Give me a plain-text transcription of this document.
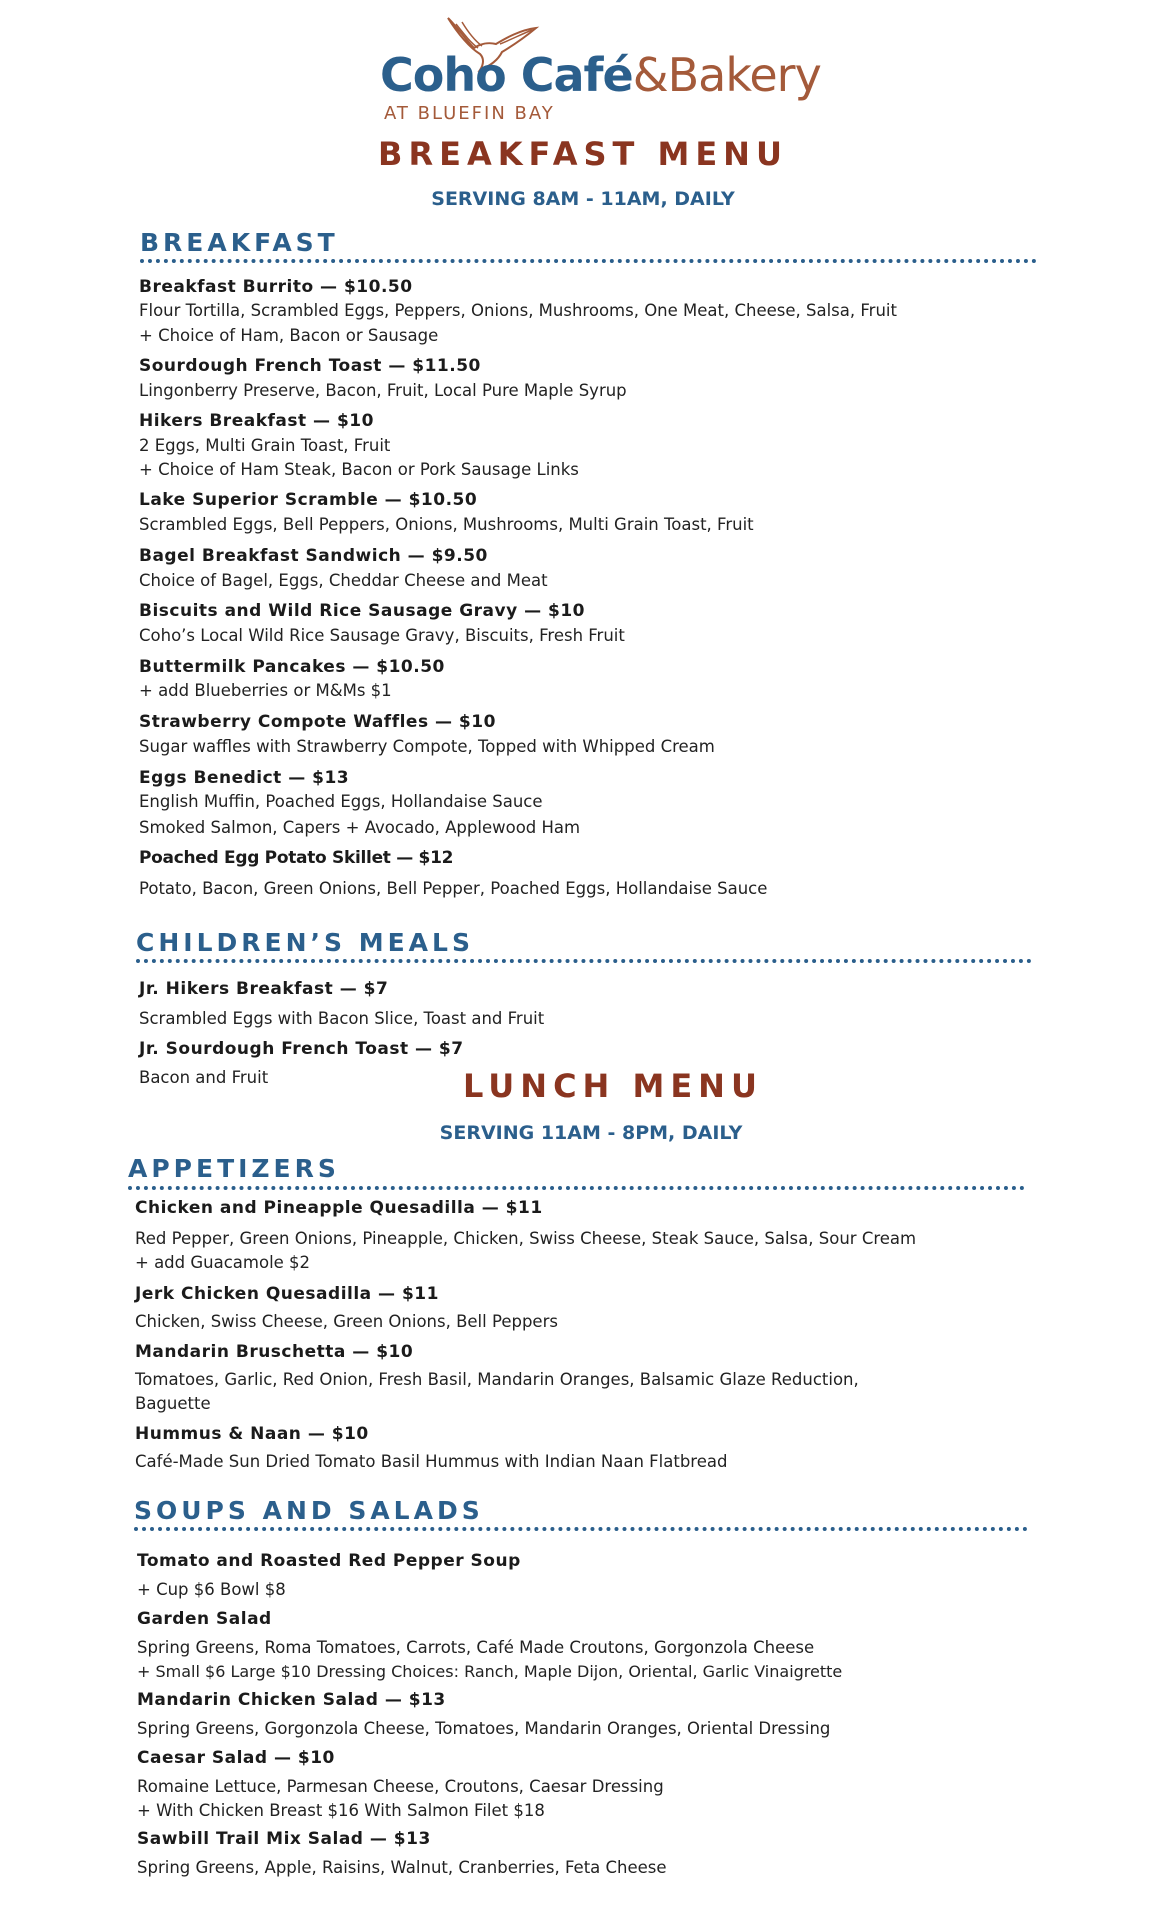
Coho Café&Bakery
AT BLUEFIN BAY
BREAKFAST MENU
SERVING 8AM - 11AM, DAILY
BREAKFAST
Breakfast Burrito — $10.50
Flour Tortilla, Scrambled Eggs, Peppers, Onions, Mushrooms, One Meat, Cheese, Salsa, Fruit
+ Choice of Ham, Bacon or Sausage
Sourdough French Toast — $11.50
Lingonberry Preserve, Bacon, Fruit, Local Pure Maple Syrup
Hikers Breakfast — $10
2 Eggs, Multi Grain Toast, Fruit
+ Choice of Ham Steak, Bacon or Pork Sausage Links
Lake Superior Scramble — $10.50
Scrambled Eggs, Bell Peppers, Onions, Mushrooms, Multi Grain Toast, Fruit
Bagel Breakfast Sandwich — $9.50
Choice of Bagel, Eggs, Cheddar Cheese and Meat
Biscuits and Wild Rice Sausage Gravy — $10
Coho’s Local Wild Rice Sausage Gravy, Biscuits, Fresh Fruit
Buttermilk Pancakes — $10.50
+ add Blueberries or M&Ms $1
Strawberry Compote Waffles — $10
Sugar waffles with Strawberry Compote, Topped with Whipped Cream
Eggs Benedict — $13
English Muffin, Poached Eggs, Hollandaise Sauce
Smoked Salmon, Capers + Avocado, Applewood Ham
Poached Egg Potato Skillet — $12
Potato, Bacon, Green Onions, Bell Pepper, Poached Eggs, Hollandaise Sauce
CHILDREN’S MEALS
Jr. Hikers Breakfast — $7
Scrambled Eggs with Bacon Slice, Toast and Fruit
Jr. Sourdough French Toast — $7
Bacon and Fruit	LUNCH MENU
SERVING 11AM - 8PM, DAILY
APPETIZERS
Chicken and Pineapple Quesadilla — $11
Red Pepper, Green Onions, Pineapple, Chicken, Swiss Cheese, Steak Sauce, Salsa, Sour Cream
+ add Guacamole $2
Jerk Chicken Quesadilla — $11
Chicken, Swiss Cheese, Green Onions, Bell Peppers
Mandarin Bruschetta — $10
Tomatoes, Garlic, Red Onion, Fresh Basil, Mandarin Oranges, Balsamic Glaze Reduction,
Baguette
Hummus & Naan — $10
Café-Made Sun Dried Tomato Basil Hummus with Indian Naan Flatbread
SOUPS AND SALADS
Tomato and Roasted Red Pepper Soup
+ Cup $6 Bowl $8
Garden Salad
Spring Greens, Roma Tomatoes, Carrots, Café Made Croutons, Gorgonzola Cheese
+ Small $6 Large $10 Dressing Choices: Ranch, Maple Dijon, Oriental, Garlic Vinaigrette
Mandarin Chicken Salad — $13
Spring Greens, Gorgonzola Cheese, Tomatoes, Mandarin Oranges, Oriental Dressing
Caesar Salad — $10
Romaine Lettuce, Parmesan Cheese, Croutons, Caesar Dressing
+ With Chicken Breast $16 With Salmon Filet $18
Sawbill Trail Mix Salad — $13
Spring Greens, Apple, Raisins, Walnut, Cranberries, Feta Cheese
